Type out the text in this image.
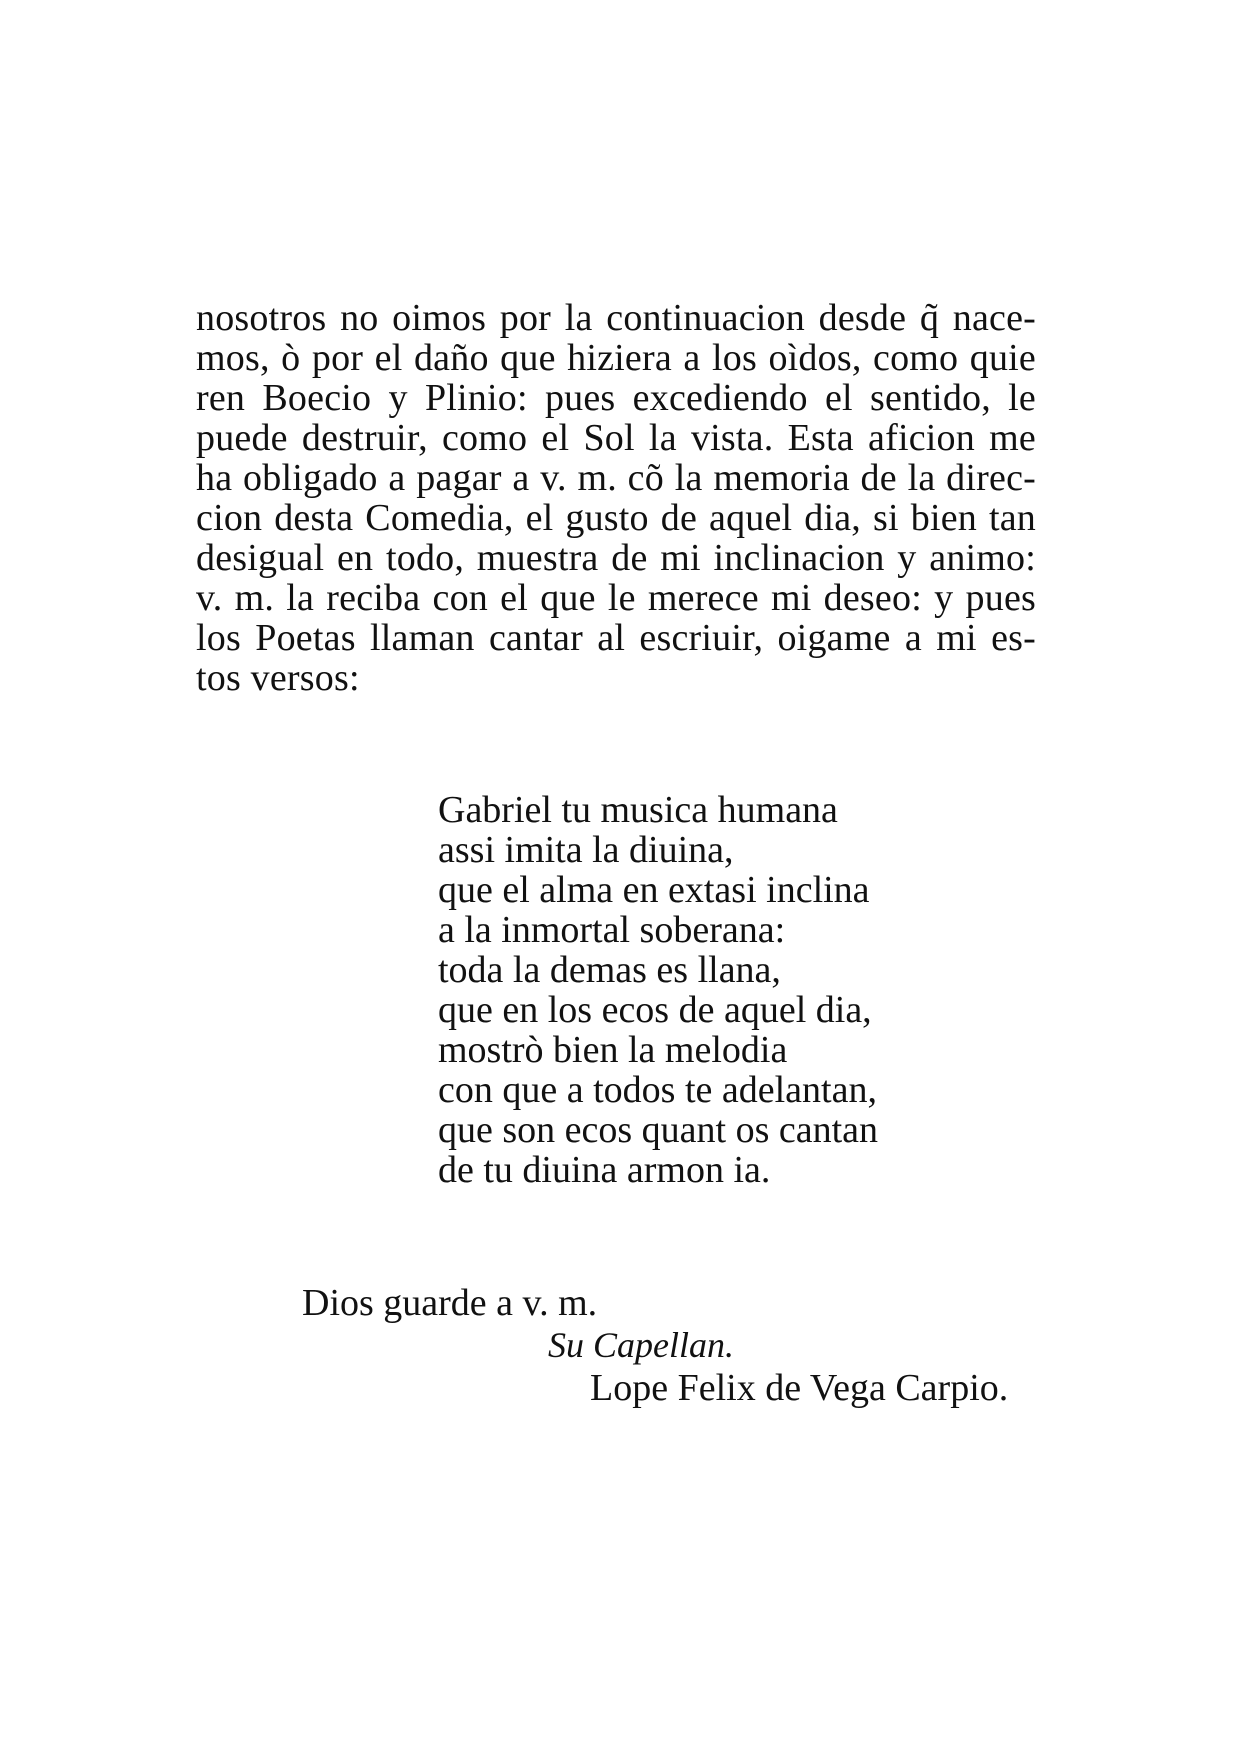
nosotros no oimos por la continuacion desde q̃ nace-
mos, ò por el daño que hiziera a los oìdos, como quie
ren Boecio y Plinio: pues excediendo el sentido, le
puede destruir, como el Sol la vista. Esta aficion me
ha obligado a pagar a v. m. cõ la memoria de la direc-
cion desta Comedia, el gusto de aquel dia, si bien tan
desigual en todo, muestra de mi inclinacion y animo:
v. m. la reciba con el que le merece mi deseo: y pues
los Poetas llaman cantar al escriuir, oigame a mi es-
tos versos:
Gabriel tu musica humana
assi imita la diuina,
que el alma en extasi inclina
a la inmortal soberana:
toda la demas es llana,
que en los ecos de aquel dia,
mostrò bien la melodia
con que a todos te adelantan,
que son ecos quant os cantan
de tu diuina armon ia.
Dios guarde a v. m.
Su Capellan.
Lope Felix de Vega Carpio.
